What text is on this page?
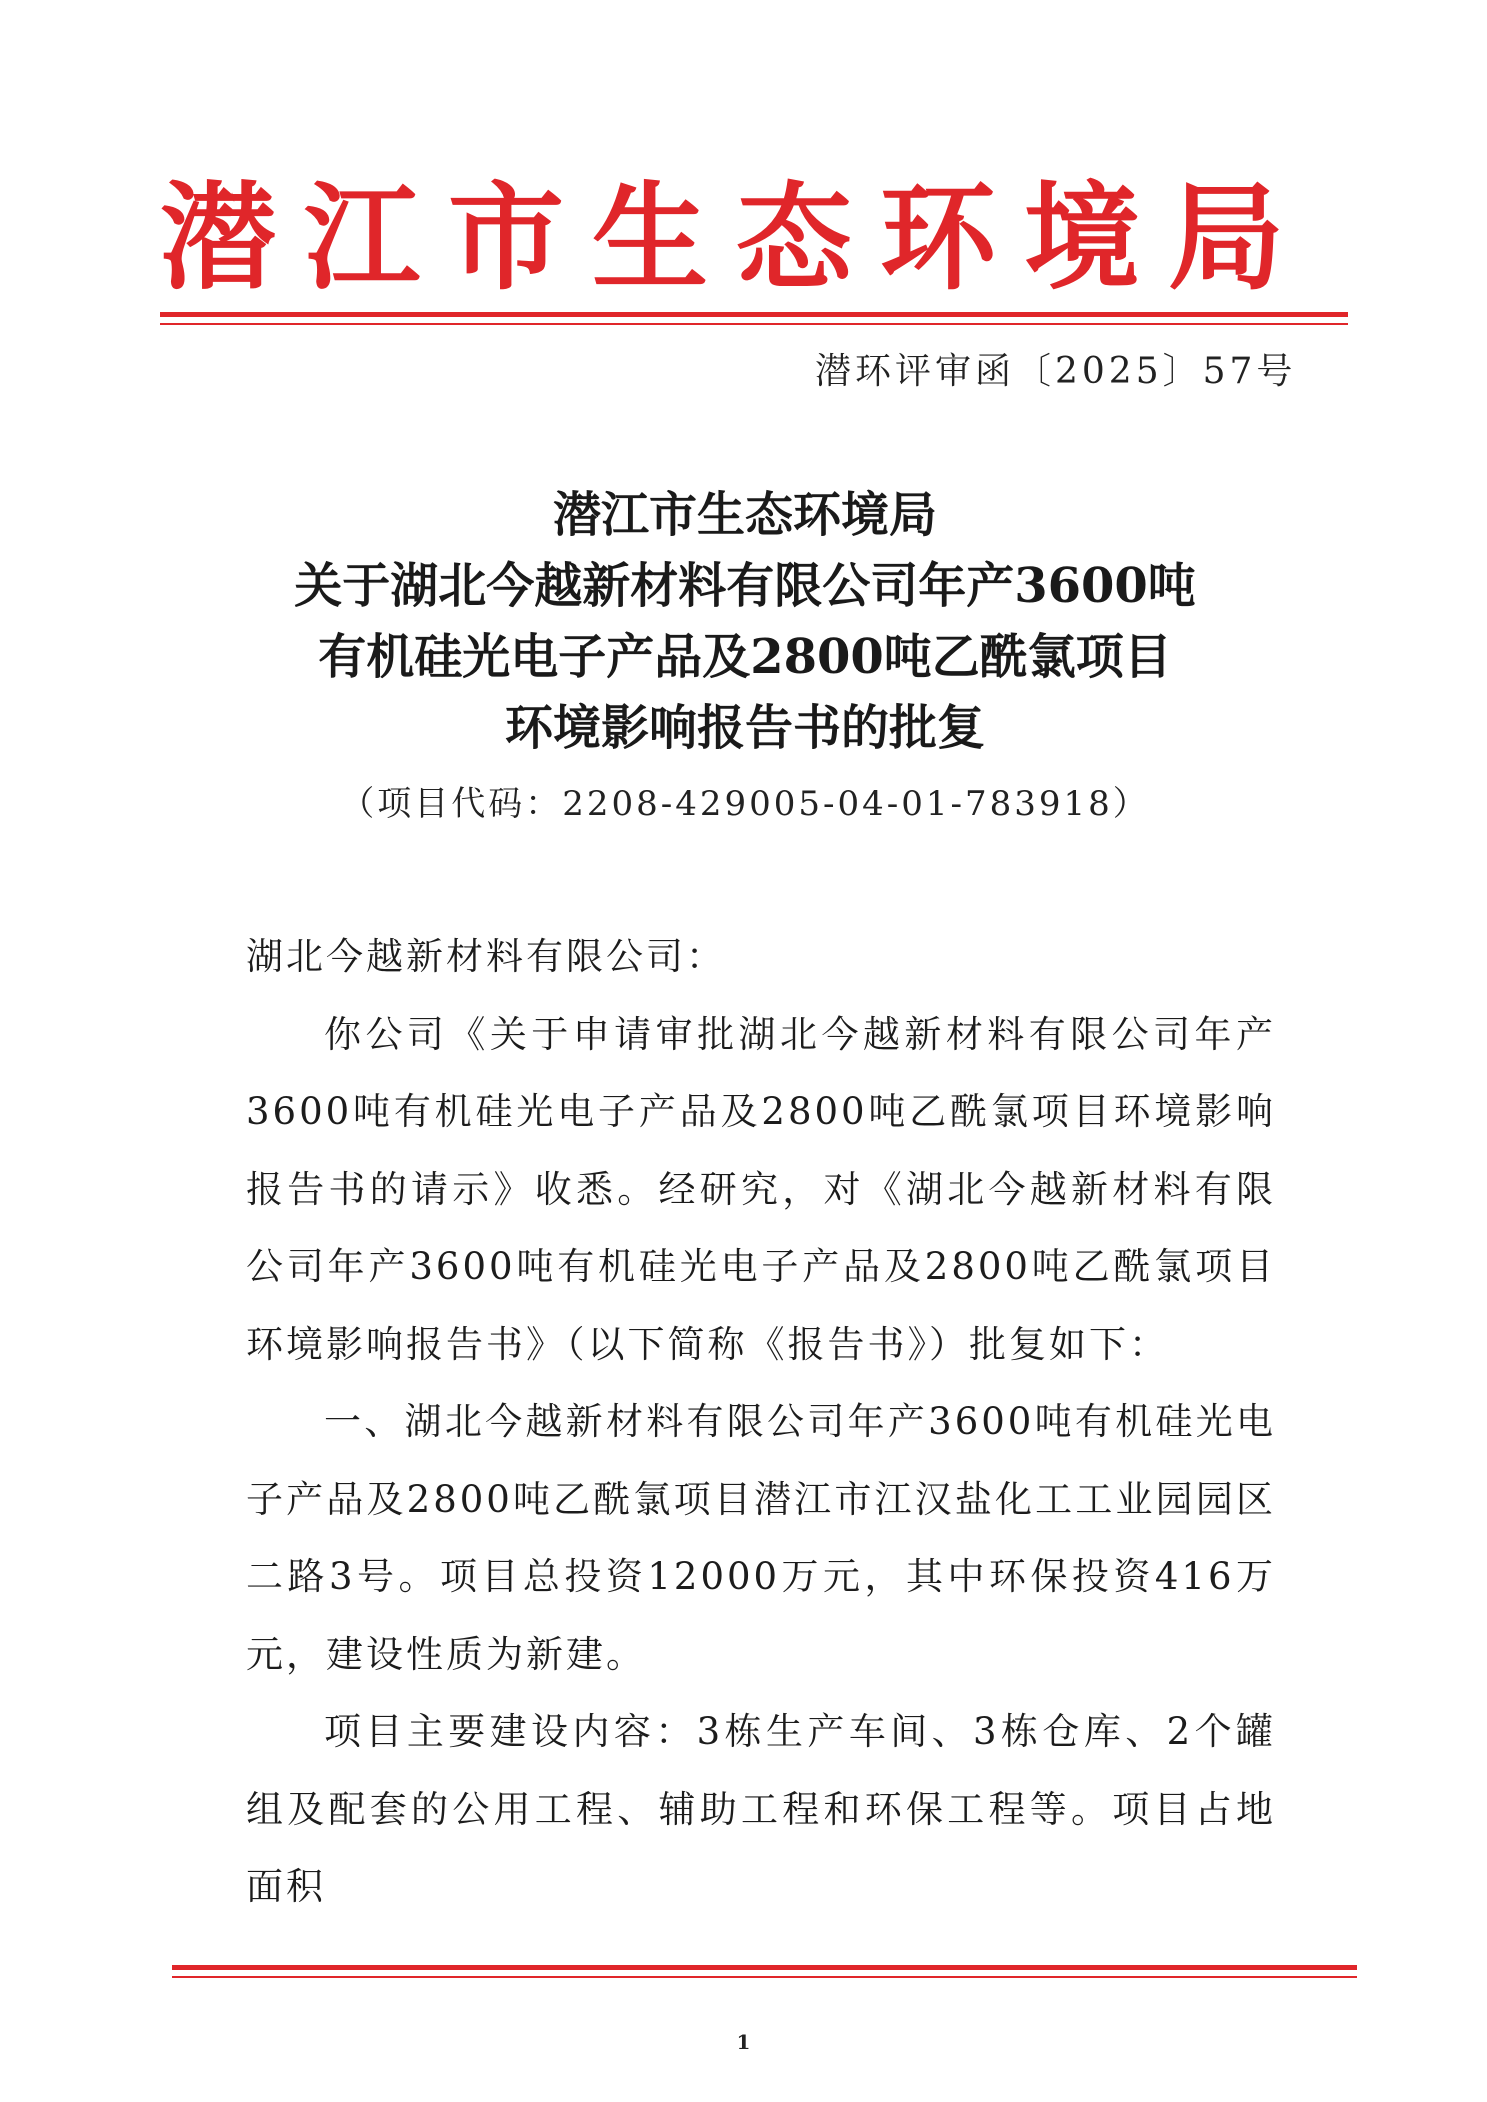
潜江市生态环境局
潜环评审函〔2025〕57号
潜江市生态环境局
关于湖北今越新材料有限公司年产3600吨
有机硅光电子产品及2800吨乙酰氯项目
环境影响报告书的批复
（项目代码：2208-429005-04-01-783918）

湖北今越新材料有限公司：

你公司《关于申请审批湖北今越新材料有限公司年产3600吨有机硅光电子产品及2800吨乙酰氯项目环境影响报告书的请示》收悉。经研究，对《湖北今越新材料有限公司年产3600吨有机硅光电子产品及2800吨乙酰氯项目环境影响报告书》（以下简称《报告书》）批复如下：

一、湖北今越新材料有限公司年产3600吨有机硅光电子产品及2800吨乙酰氯项目潜江市江汉盐化工工业园园区二路3号。项目总投资12000万元，其中环保投资416万元，建设性质为新建。

项目主要建设内容：3栋生产车间、3栋仓库、2个罐组及配套的公用工程、辅助工程和环保工程等。项目占地面积

1
